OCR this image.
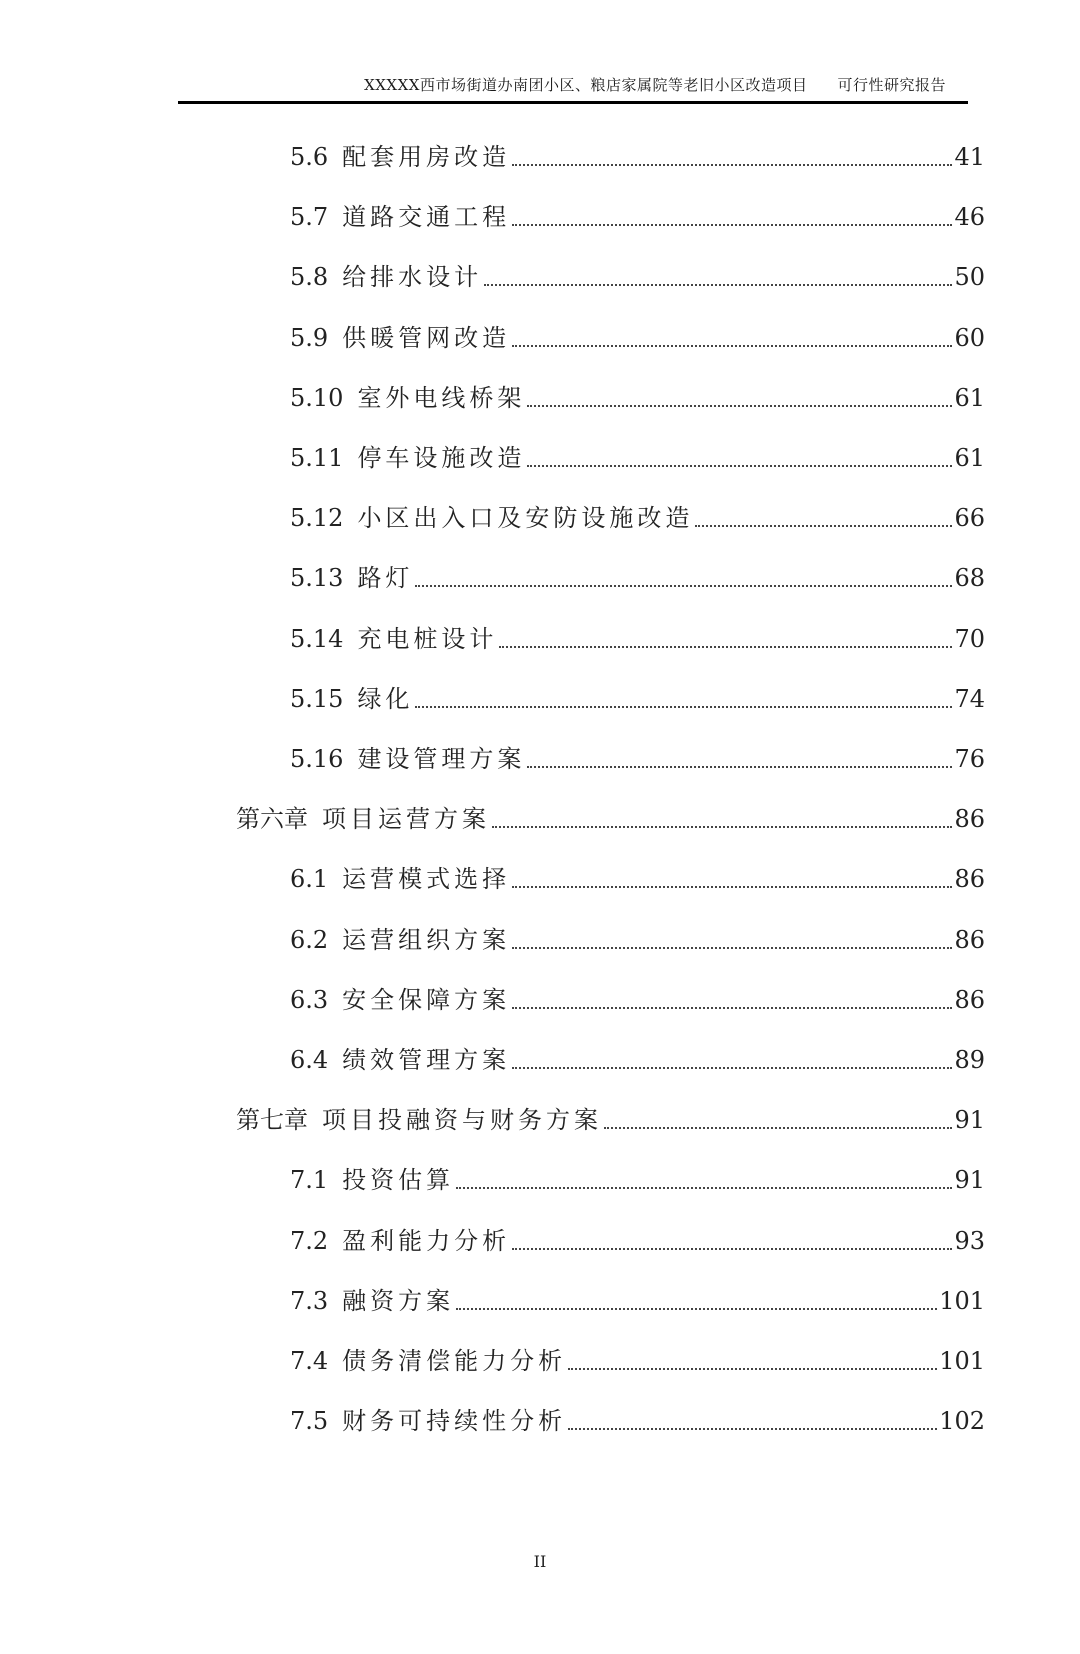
XXXXX西市场街道办南团小区、粮店家属院等老旧小区改造项目 可行性研究报告
5.6 配套用房改造	41
5.7 道路交通工程	46
5.8 给排水设计	50
5.9 供暖管网改造	60
5.10 室外电线桥架	61
5.11 停车设施改造	61
5.12 小区出入口及安防设施改造	66
5.13 路灯	68
5.14 充电桩设计	70
5.15 绿化	74
5.16 建设管理方案	76
第六章 项目运营方案	86
6.1 运营模式选择	86
6.2 运营组织方案	86
6.3 安全保障方案	86
6.4 绩效管理方案	89
第七章 项目投融资与财务方案	91
7.1 投资估算	91
7.2 盈利能力分析	93
7.3 融资方案	101
7.4 债务清偿能力分析	101
7.5 财务可持续性分析	102
II
